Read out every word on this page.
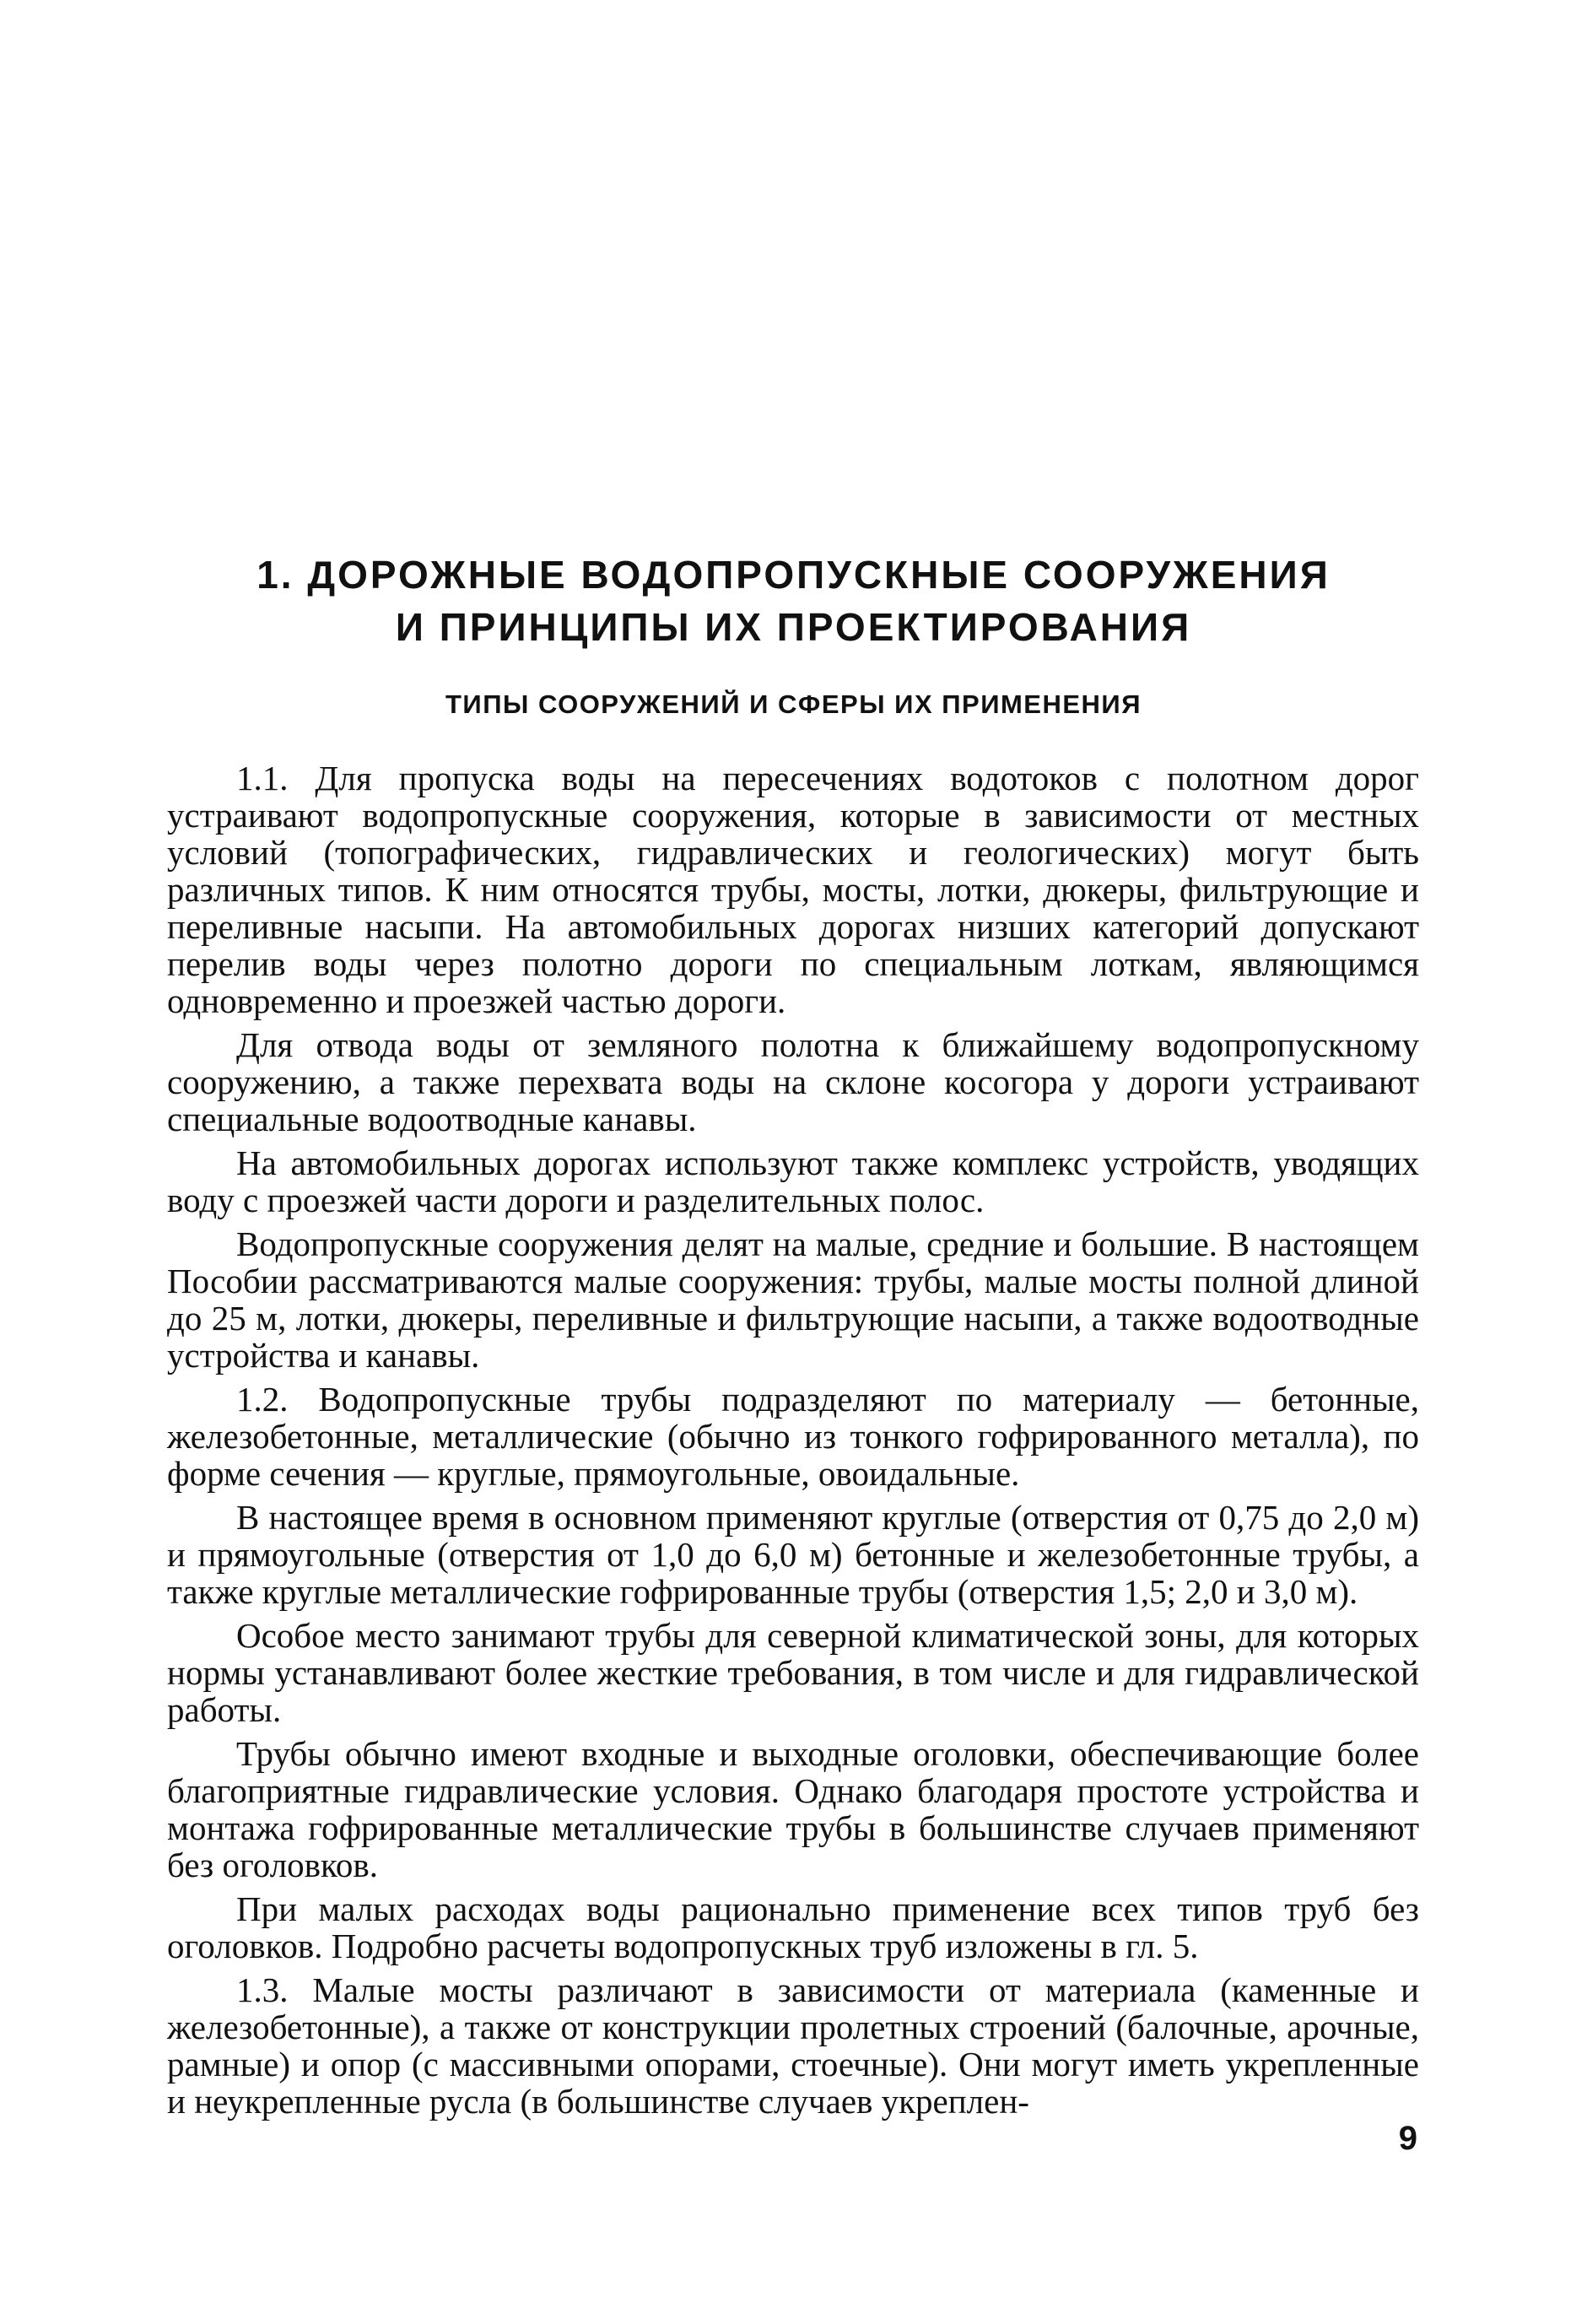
1. ДОРОЖНЫЕ ВОДОПРОПУСКНЫЕ СООРУЖЕНИЯ
И ПРИНЦИПЫ ИХ ПРОЕКТИРОВАНИЯ
ТИПЫ СООРУЖЕНИЙ И СФЕРЫ ИХ ПРИМЕНЕНИЯ

1.1. Для пропуска воды на пересечениях водотоков с полотном дорог устраивают водопропускные сооружения, которые в зависимости от местных условий (топографических, гидравлических и геологических) могут быть различных типов. К ним относятся трубы, мосты, лотки, дюкеры, фильтрующие и переливные насыпи. На автомобильных дорогах низших категорий допускают перелив воды через полотно дороги по специальным лоткам, являющимся одновременно и проезжей частью дороги.

Для отвода воды от земляного полотна к ближайшему водопропускному сооружению, а также перехвата воды на склоне косогора у дороги устраивают специальные водоотводные канавы.

На автомобильных дорогах используют также комплекс устройств, уводящих воду с проезжей части дороги и разделительных полос.

Водопропускные сооружения делят на малые, средние и большие. В настоящем Пособии рассматриваются малые сооружения: трубы, малые мосты полной длиной до 25 м, лотки, дюкеры, переливные и фильтрующие насыпи, а также водоотводные устройства и канавы.

1.2. Водопропускные трубы подразделяют по материалу — бетонные, железобетонные, металлические (обычно из тонкого гофрированного металла), по форме сечения — круглые, прямоугольные, овоидальные.

В настоящее время в основном применяют круглые (отверстия от 0,75 до 2,0 м) и прямоугольные (отверстия от 1,0 до 6,0 м) бетонные и железобетонные трубы, а также круглые металлические гофрированные трубы (отверстия 1,5; 2,0 и 3,0 м).

Особое место занимают трубы для северной климатической зоны, для которых нормы устанавливают более жесткие требования, в том числе и для гидравлической работы.

Трубы обычно имеют входные и выходные оголовки, обеспечивающие более благоприятные гидравлические условия. Однако благодаря простоте устройства и монтажа гофрированные металлические трубы в большинстве случаев применяют без оголовков.

При малых расходах воды рационально применение всех типов труб без оголовков. Подробно расчеты водопропускных труб изложены в гл. 5.

1.3. Малые мосты различают в зависимости от материала (каменные и железобетонные), а также от конструкции пролетных строений (балочные, арочные, рамные) и опор (с массивными опорами, стоечные). Они могут иметь укрепленные и неукрепленные русла (в большинстве случаев укреплен-

9
